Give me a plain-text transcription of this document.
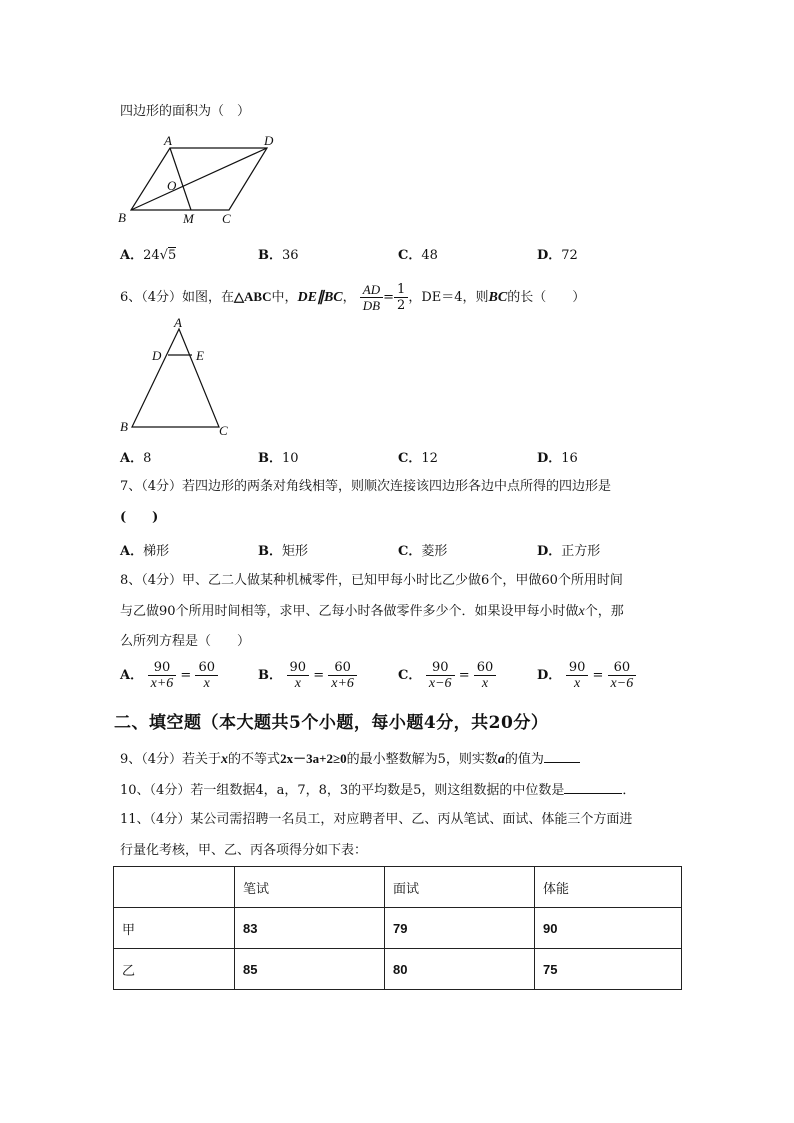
四边形的面积为（　）
A	D
O
B	M C
A．24√5	B．36	C．48	D．72
6、（4分）如图，在△ABC中，DE∥BC， $\frac{AD}{DB} = \frac{1}{2}$ ，DE＝4，则BC的长（　　）
A
D	E
B	C
A．8	B．10	C．12	D．16
7、（4分）若四边形的两条对角线相等，则顺次连接该四边形各边中点所得的四边形是
(　　)
A．梯形	B．矩形	C．菱形	D．正方形
8、（4分）甲、乙二人做某种机械零件，已知甲每小时比乙少做6个，甲做60个所用时间
与乙做90个所用时间相等，求甲、乙每小时各做零件多少个．如果设甲每小时做x个，那
么所列方程是（　　）
A． $\frac{90}{x+6} = \frac{60}{x}$	B． $\frac{90}{x} = \frac{60}{x+6}$	C． $\frac{90}{x-6} = \frac{60}{x}$	D． $\frac{90}{x} = \frac{60}{x-6}$
二、填空题（本大题共5个小题，每小题4分，共20分）
9、（4分）若关于x的不等式2x－3a+2≥0的最小整数解为5，则实数a的值为
10、（4分）若一组数据4，a，7，8，3的平均数是5，则这组数据的中位数是	．
11、（4分）某公司需招聘一名员工，对应聘者甲、乙、丙从笔试、面试、体能三个方面进
行量化考核，甲、乙、丙各项得分如下表：
	笔试	面试	体能
甲	83	79	90
乙	85	80	75
